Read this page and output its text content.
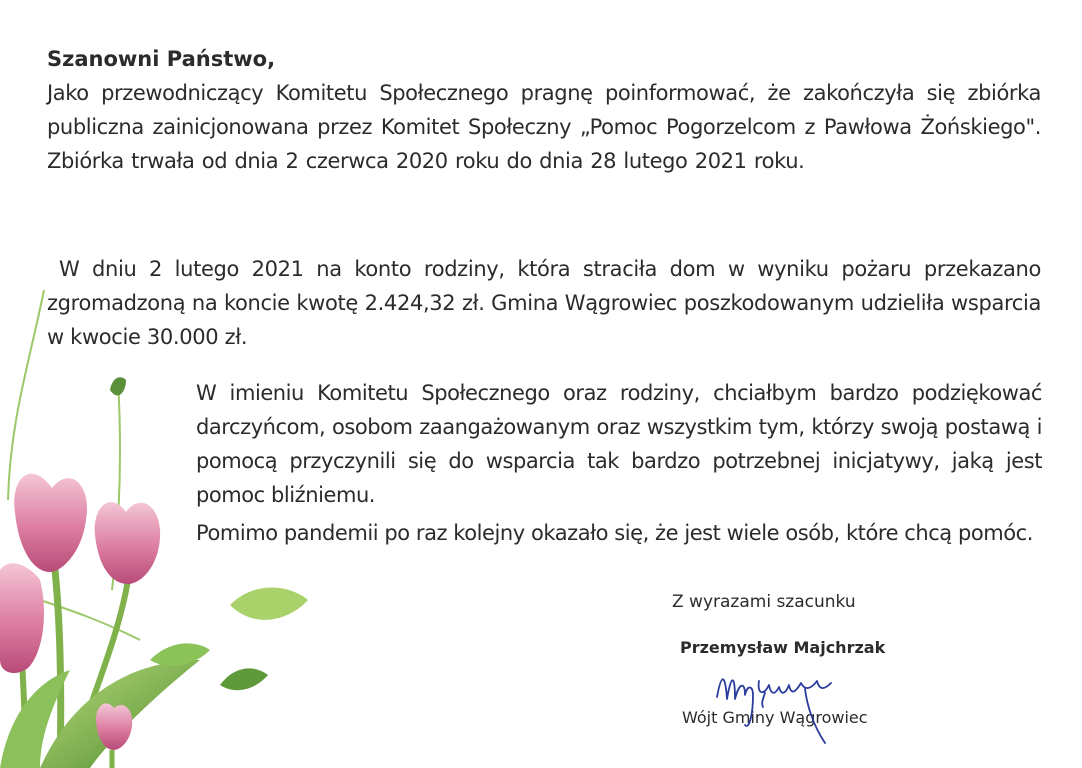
Szanowni Państwo,

Jako przewodniczący Komitetu Społecznego pragnę poinformować, że zakończyła się zbiórka publiczna zainicjonowana przez Komitet Społeczny „Pomoc Pogorzelcom z Pawłowa Żońskiego". Zbiórka trwała od dnia 2 czerwca 2020 roku do dnia 28 lutego 2021 roku.

W dniu 2 lutego 2021 na konto rodziny, która straciła dom w wyniku pożaru przekazano zgromadzoną na koncie kwotę 2.424,32 zł. Gmina Wągrowiec poszkodowanym udzieliła wsparcia w kwocie 30.000 zł.

W imieniu Komitetu Społecznego oraz rodziny, chciałbym bardzo podziękować darczyńcom, osobom zaangażowanym oraz wszystkim tym, którzy swoją postawą i pomocą przyczynili się do wsparcia tak bardzo potrzebnej inicjatywy, jaką jest pomoc bliźniemu.

Pomimo pandemii po raz kolejny okazało się, że jest wiele osób, które chcą pomóc.

Z wyrazami szacunku
Przemysław Majchrzak
Wójt Gminy Wągrowiec
